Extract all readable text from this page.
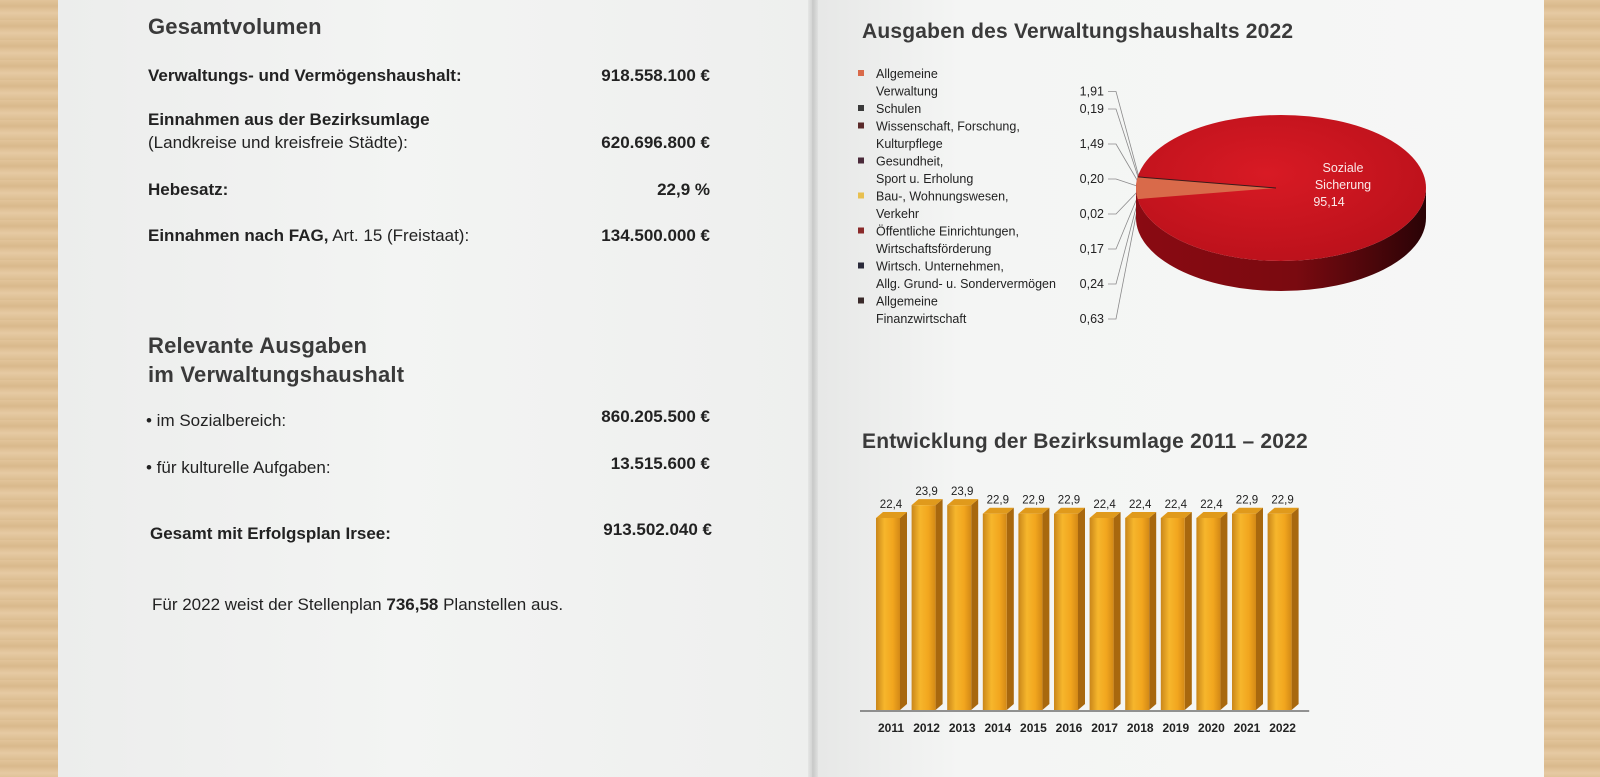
Gesamtvolumen
Verwaltungs- und Vermögenshaushalt:	918.558.100 €
Einnahmen aus der Bezirksumlage
(Landkreise und kreisfreie Städte):	620.696.800 €
Hebesatz:	22,9 %
Einnahmen nach FAG, Art. 15 (Freistaat):	134.500.000 €
Relevante Ausgaben
im Verwaltungshaushalt
• im Sozialbereich:	860.205.500 €
• für kulturelle Aufgaben:	13.515.600 €
Gesamt mit Erfolgsplan Irsee:	913.502.040 €
Für 2022 weist der Stellenplan 736,58 Planstellen aus.
Ausgaben des Verwaltungshaushalts 2022
Allgemeine
Verwaltung	1,91
Schulen	0,19
Wissenschaft, Forschung,
Kulturpflege	1,49
Gesundheit,
Sport u. Erholung	0,20
Bau-, Wohnungswesen,
Verkehr	0,02
Öffentliche Einrichtungen,
Wirtschaftsförderung	0,17
Wirtsch. Unternehmen,
Allg. Grund- u. Sondervermögen 0,24
Allgemeine
Finanzwirtschaft	0,63
Soziale
Sicherung
95,14
Entwicklung der Bezirksumlage 2011 – 2022
22,4
2011
23,9
2012
23,9
2013
22,9
2014
22,9
2015
22,9
2016
22,4
2017
22,4
2018
22,4
2019
22,4
2020
22,9
2021
22,9
2022
